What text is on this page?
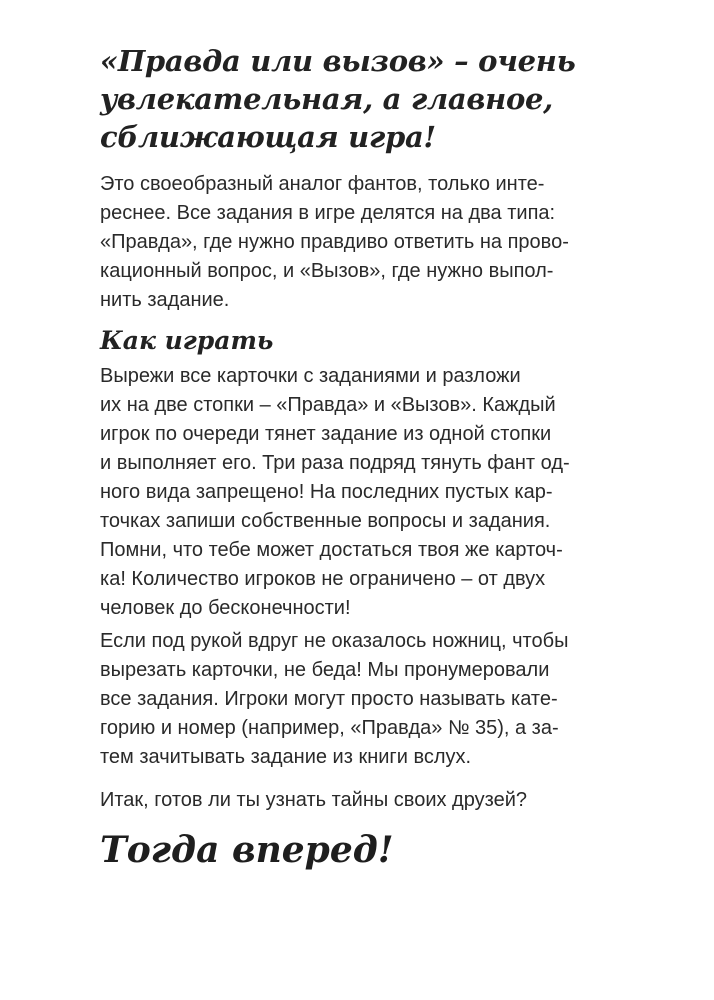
«Правда или вызов» – очень
увлекательная, а главное,
сближающая игра!

Это своеобразный аналог фантов, только инте-
реснее. Все задания в игре делятся на два типа:
«Правда», где нужно правдиво ответить на прово-
кационный вопрос, и «Вызов», где нужно выпол-
нить задание.

Как играть

Вырежи все карточки с заданиями и разложи
их на две стопки – «Правда» и «Вызов». Каждый
игрок по очереди тянет задание из одной стопки
и выполняет его. Три раза подряд тянуть фант од-
ного вида запрещено! На последних пустых кар-
точках запиши собственные вопросы и задания.
Помни, что тебе может достаться твоя же карточ-
ка! Количество игроков не ограничено – от двух
человек до бесконечности!

Если под рукой вдруг не оказалось ножниц, чтобы
вырезать карточки, не беда! Мы пронумеровали
все задания. Игроки могут просто называть кате-
горию и номер (например, «Правда» № 35), а за-
тем зачитывать задание из книги вслух.

Итак, готов ли ты узнать тайны своих друзей?

Тогда вперед!
